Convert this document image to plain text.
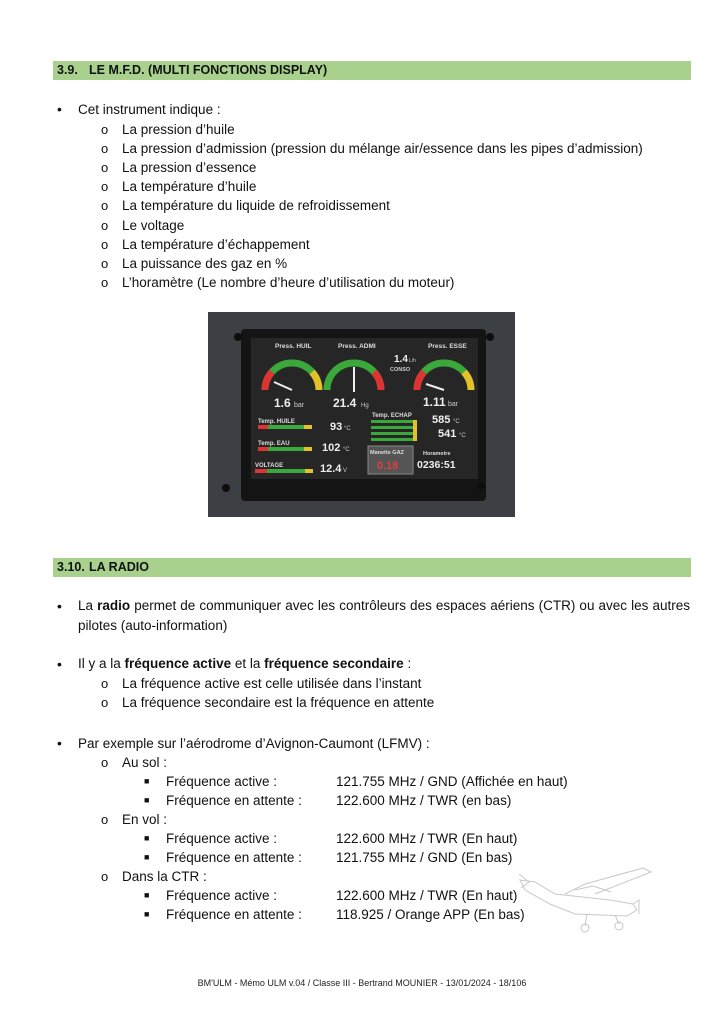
3.9. LE M.F.D. (MULTI FONCTIONS DISPLAY)
• Cet instrument indique :
o La pression d’huile
o La pression d’admission (pression du mélange air/essence dans les pipes d’admission)
o La pression d’essence
o La température d’huile
o La température du liquide de refroidissement
o Le voltage
o La température d’échappement
o La puissance des gaz en %
o L’horamètre (Le nombre d’heure d’utilisation du moteur)
Press. HUIL	Press. ADMI	Press. ESSE
1.4 L/h
CONSO
1.6 bar 21.4 Hg	1.11 bar
Temp. HUILE	93 °C
Temp. ECHAP 585 °C
541 °C
Temp. EAU	102 °C
VOLTAGE	12.4 V
Manette GAZ
0.18
Horametre
0236:51
3.10. LA RADIO
• La radio permet de communiquer avec les contrôleurs des espaces aériens (CTR) ou avec les autres pilotes (auto-information)
• Il y a la fréquence active et la fréquence secondaire :
o La fréquence active est celle utilisée dans l’instant
o La fréquence secondaire est la fréquence en attente
• Par exemple sur l’aérodrome d’Avignon-Caumont (LFMV) :
o Au sol :
■ Fréquence active :	121.755 MHz / GND (Affichée en haut)
■ Fréquence en attente :	122.600 MHz / TWR (en bas)
o En vol :
■ Fréquence active :	122.600 MHz / TWR (En haut)
■ Fréquence en attente :	121.755 MHz / GND (En bas)
o Dans la CTR :
■ Fréquence active :	122.600 MHz / TWR (En haut)
■ Fréquence en attente :	118.925 / Orange APP (En bas)
BM'ULM - Mémo ULM v.04 / Classe III - Bertrand MOUNIER - 13/01/2024 - 18/106
